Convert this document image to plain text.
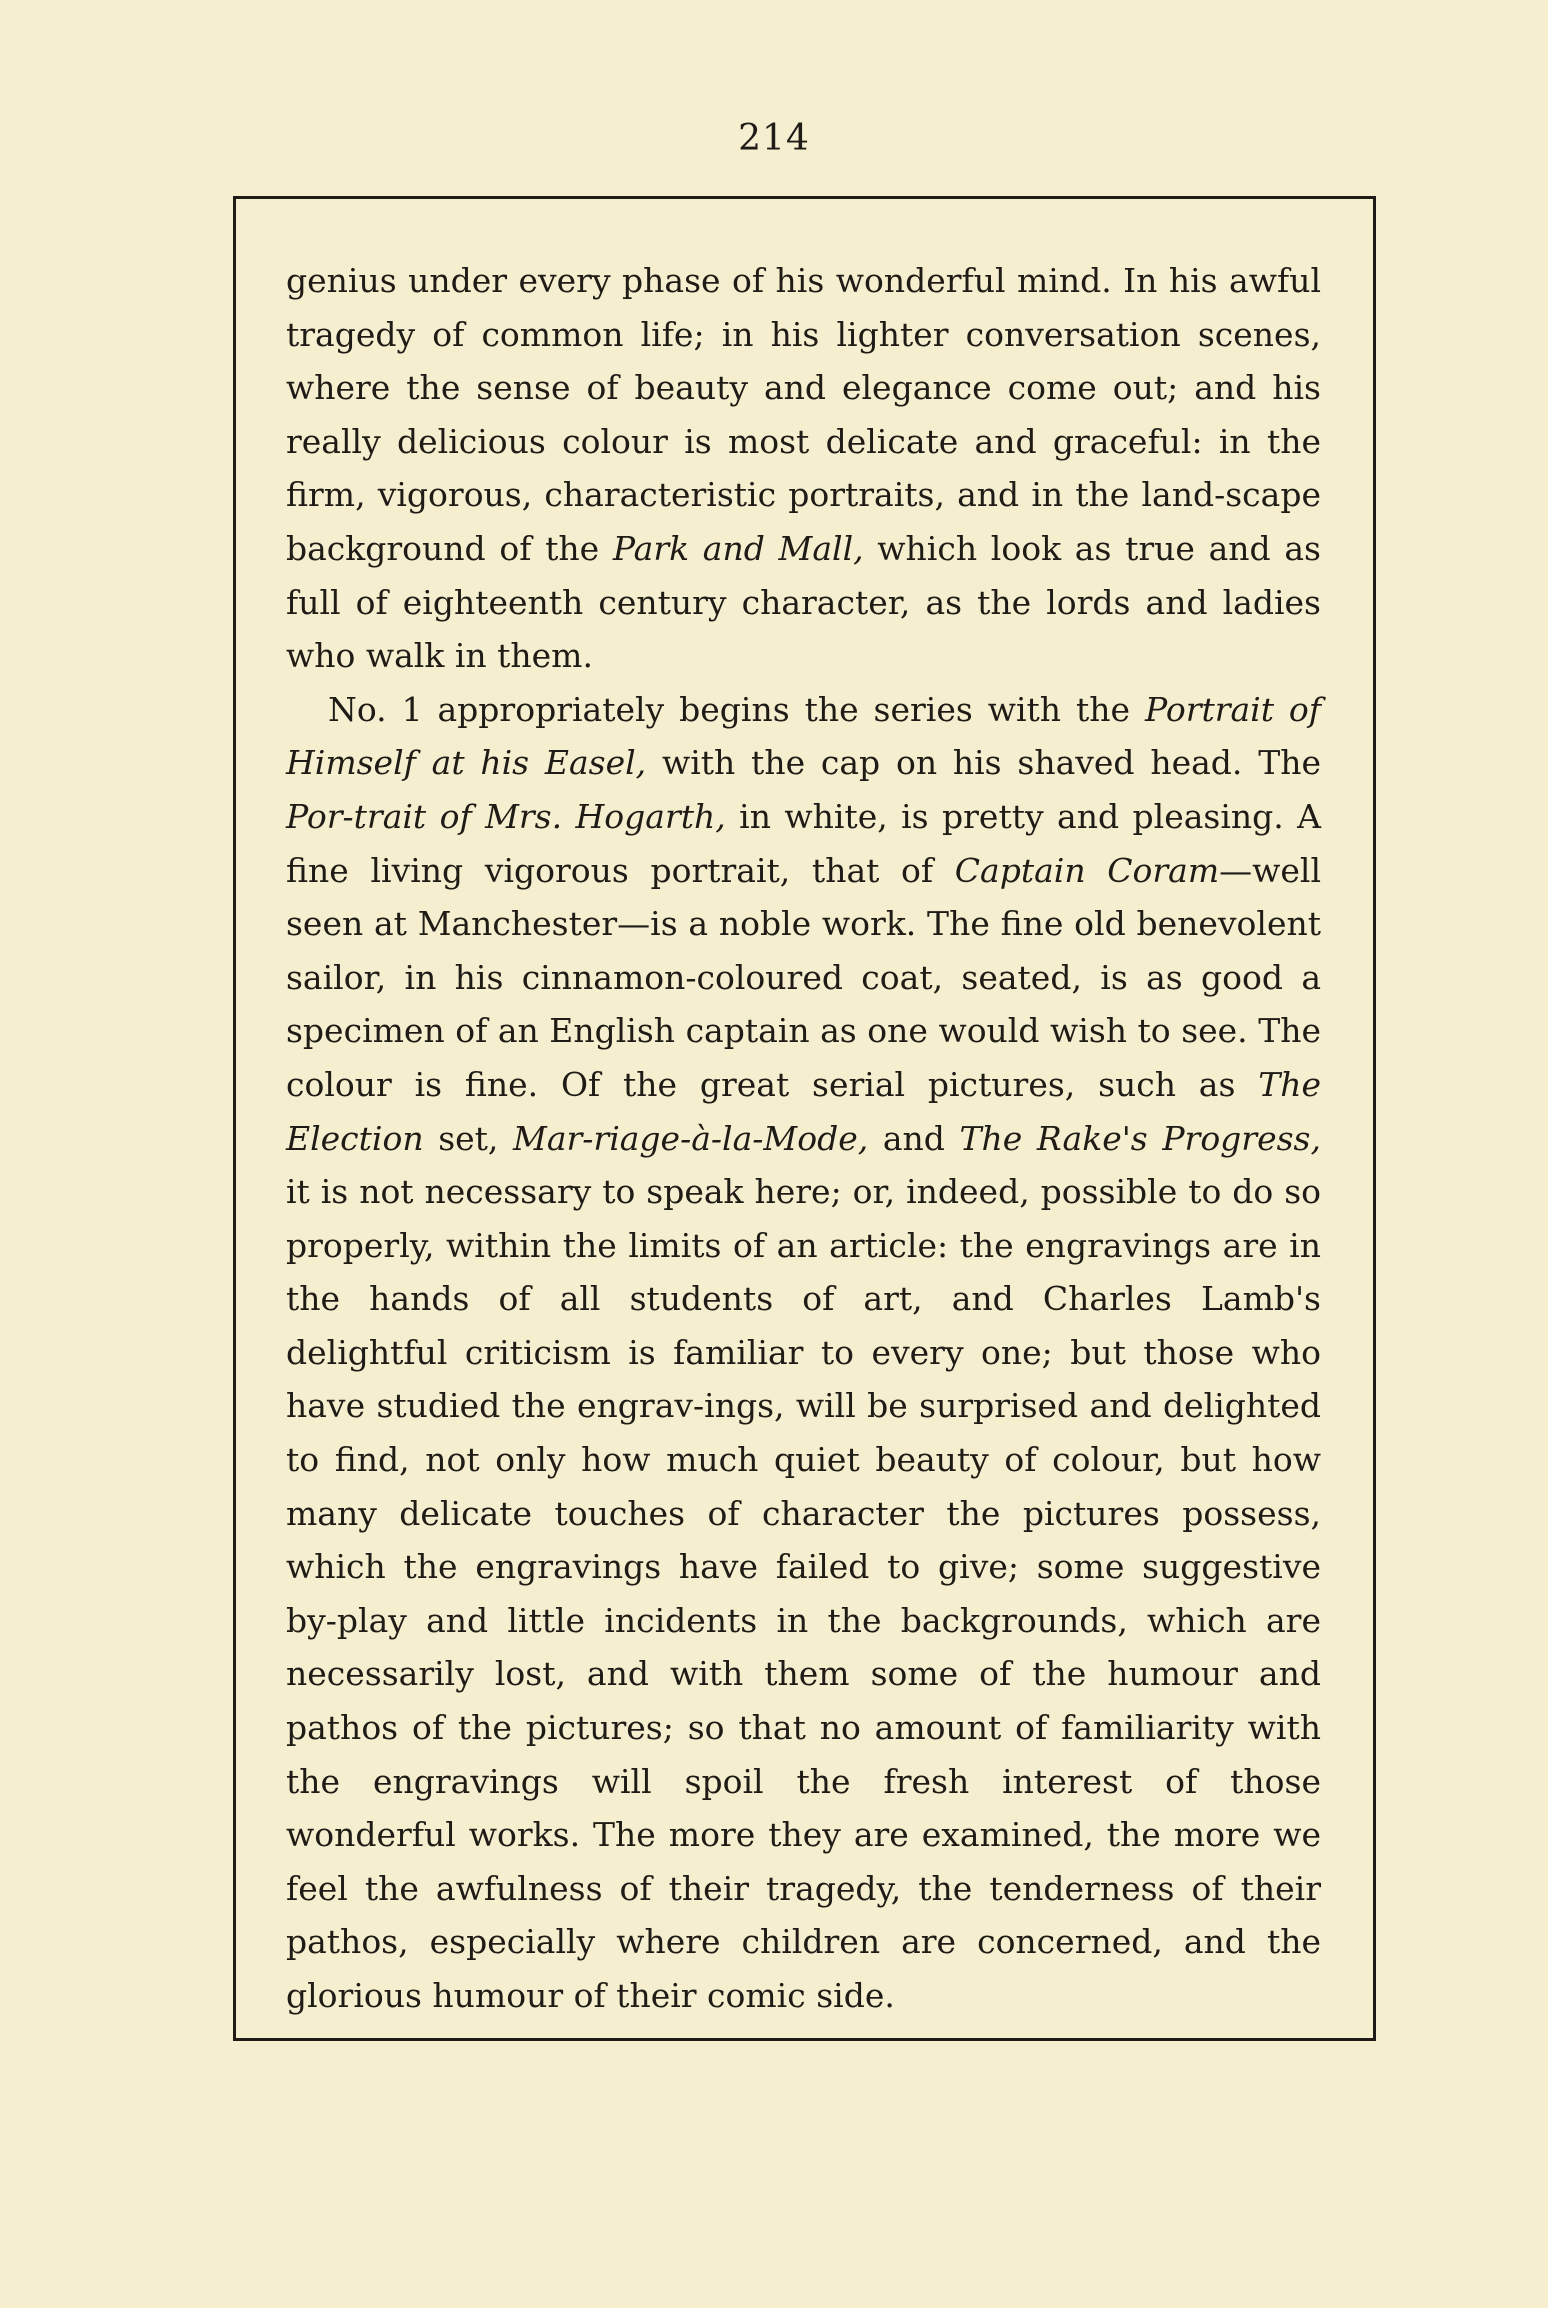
214

genius under every phase of his wonderful mind. In his awful tragedy of common life; in his lighter conversation scenes, where the sense of beauty and elegance come out; and his really delicious colour is most delicate and graceful: in the firm, vigorous, characteristic portraits, and in the land-scape background of the Park and Mall, which look as true and as full of eighteenth century character, as the lords and ladies who walk in them.

No. 1 appropriately begins the series with the Portrait of Himself at his Easel, with the cap on his shaved head. The Por-trait of Mrs. Hogarth, in white, is pretty and pleasing. A fine living vigorous portrait, that of Captain Coram—well seen at Manchester—is a noble work. The fine old benevolent sailor, in his cinnamon-coloured coat, seated, is as good a specimen of an English captain as one would wish to see. The colour is fine. Of the great serial pictures, such as The Election set, Mar-riage-à-la-Mode, and The Rake's Progress, it is not necessary to speak here; or, indeed, possible to do so properly, within the limits of an article: the engravings are in the hands of all students of art, and Charles Lamb's delightful criticism is familiar to every one; but those who have studied the engrav-ings, will be surprised and delighted to find, not only how much quiet beauty of colour, but how many delicate touches of character the pictures possess, which the engravings have failed to give; some suggestive by-play and little incidents in the backgrounds, which are necessarily lost, and with them some of the humour and pathos of the pictures; so that no amount of familiarity with the engravings will spoil the fresh interest of those wonderful works. The more they are examined, the more we feel the awfulness of their tragedy, the tenderness of their pathos, especially where children are concerned, and the glorious humour of their comic side.
